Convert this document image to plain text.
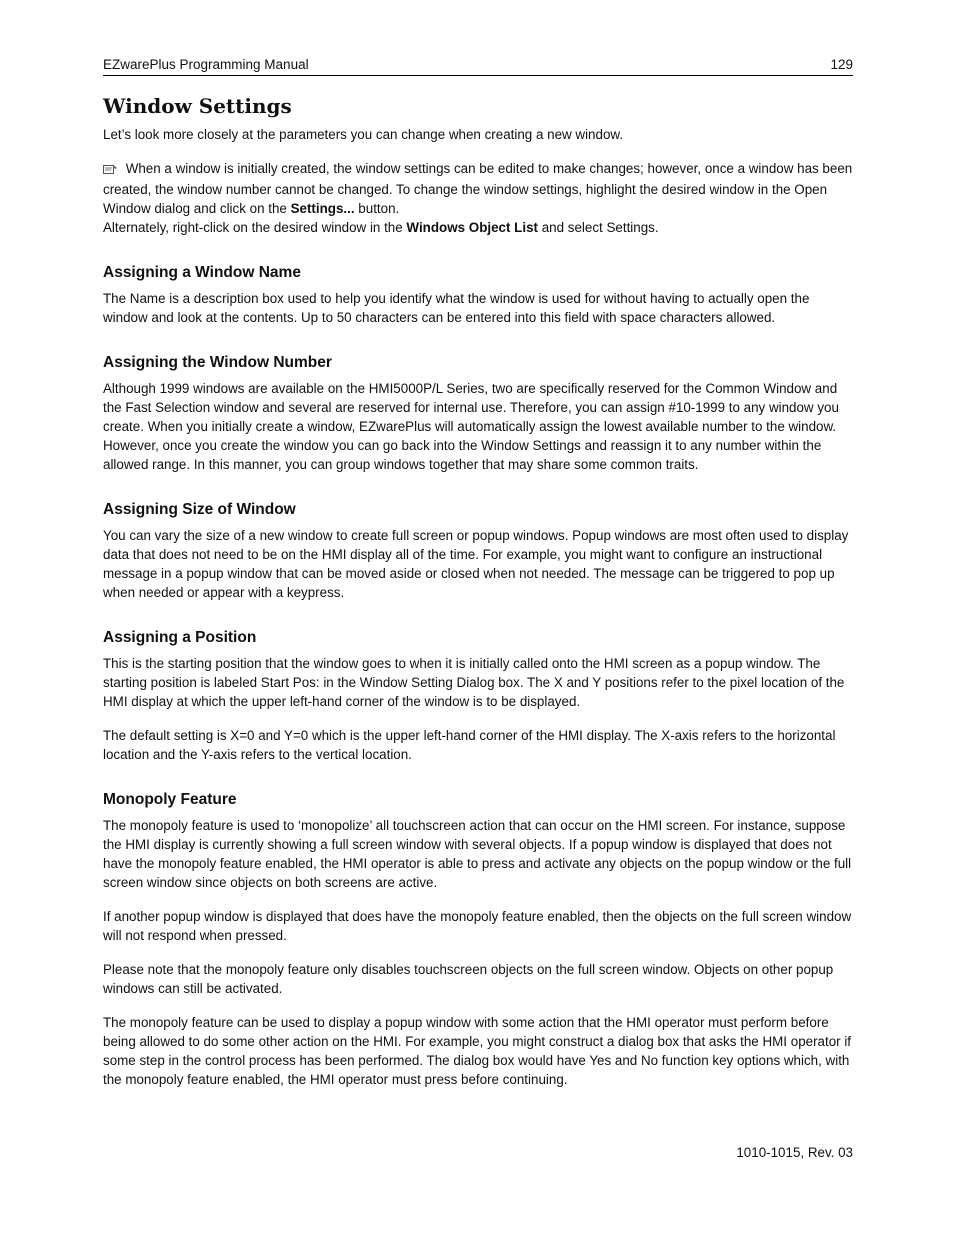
EZwarePlus Programming Manual	129
Window Settings

Let’s look more closely at the parameters you can change when creating a new window.

When a window is initially created, the window settings can be edited to make changes; however, once a window has been created, the window number cannot be changed. To change the window settings, highlight the desired window in the Open Window dialog and click on the Settings... button.

Alternately, right-click on the desired window in the Windows Object List and select Settings.

Assigning a Window Name

The Name is a description box used to help you identify what the window is used for without having to actually open the window and look at the contents. Up to 50 characters can be entered into this field with space characters allowed.

Assigning the Window Number

Although 1999 windows are available on the HMI5000P/L Series, two are specifically reserved for the Common Window and the Fast Selection window and several are reserved for internal use. Therefore, you can assign #10-1999 to any window you create. When you initially create a window, EZwarePlus will automatically assign the lowest available number to the window. However, once you create the window you can go back into the Window Settings and reassign it to any number within the allowed range. In this manner, you can group windows together that may share some common traits.

Assigning Size of Window

You can vary the size of a new window to create full screen or popup windows. Popup windows are most often used to display data that does not need to be on the HMI display all of the time. For example, you might want to configure an instructional message in a popup window that can be moved aside or closed when not needed. The message can be triggered to pop up when needed or appear with a keypress.

Assigning a Position

This is the starting position that the window goes to when it is initially called onto the HMI screen as a popup window. The starting position is labeled Start Pos: in the Window Setting Dialog box. The X and Y positions refer to the pixel location of the HMI display at which the upper left-hand corner of the window is to be displayed.

The default setting is X=0 and Y=0 which is the upper left-hand corner of the HMI display. The X-axis refers to the horizontal location and the Y-axis refers to the vertical location.

Monopoly Feature

The monopoly feature is used to ‘monopolize’ all touchscreen action that can occur on the HMI screen. For instance, suppose the HMI display is currently showing a full screen window with several objects. If a popup window is displayed that does not have the monopoly feature enabled, the HMI operator is able to press and activate any objects on the popup window or the full screen window since objects on both screens are active.

If another popup window is displayed that does have the monopoly feature enabled, then the objects on the full screen window will not respond when pressed.

Please note that the monopoly feature only disables touchscreen objects on the full screen window. Objects on other popup windows can still be activated.

The monopoly feature can be used to display a popup window with some action that the HMI operator must perform before being allowed to do some other action on the HMI. For example, you might construct a dialog box that asks the HMI operator if some step in the control process has been performed. The dialog box would have Yes and No function key options which, with the monopoly feature enabled, the HMI operator must press before continuing.

1010-1015, Rev. 03
